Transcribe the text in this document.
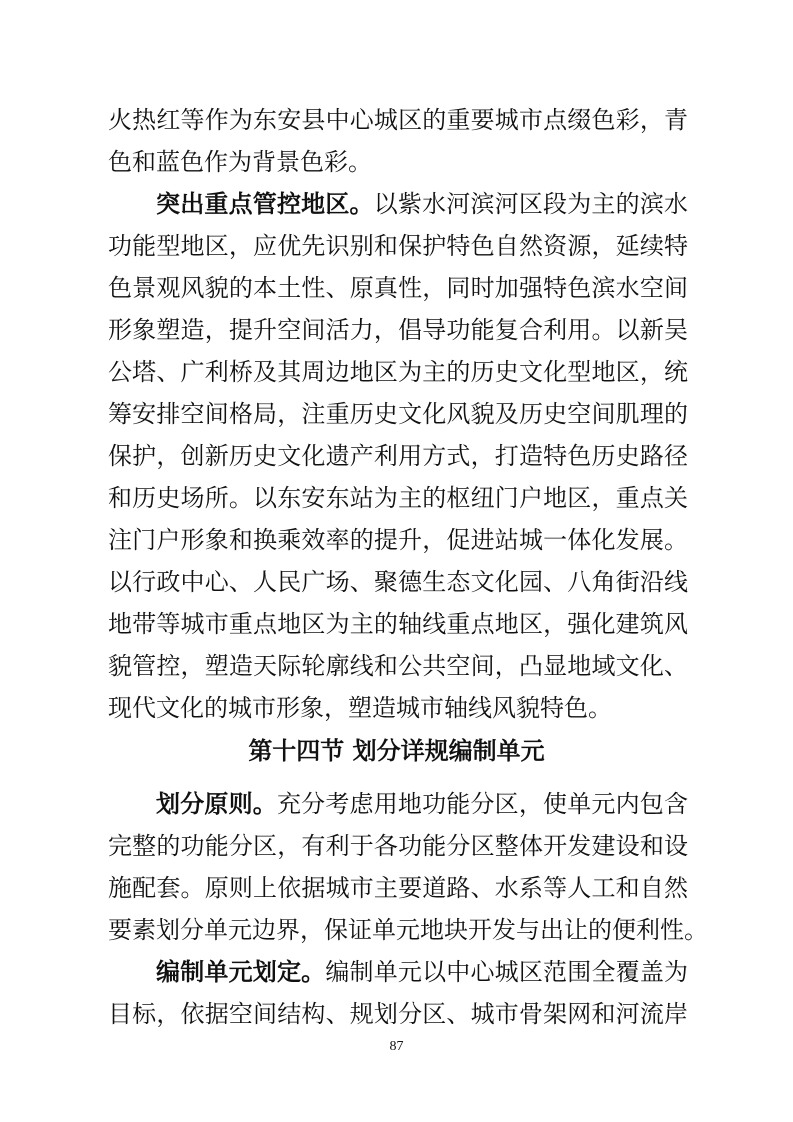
火热红等作为东安县中心城区的重要城市点缀色彩，青
色和蓝色作为背景色彩。
突出重点管控地区。以紫水河滨河区段为主的滨水
功能型地区，应优先识别和保护特色自然资源，延续特
色景观风貌的本土性、原真性，同时加强特色滨水空间
形象塑造，提升空间活力，倡导功能复合利用。以新吴
公塔、广利桥及其周边地区为主的历史文化型地区，统
筹安排空间格局，注重历史文化风貌及历史空间肌理的
保护，创新历史文化遗产利用方式，打造特色历史路径
和历史场所。以东安东站为主的枢纽门户地区，重点关
注门户形象和换乘效率的提升，促进站城一体化发展。
以行政中心、人民广场、聚德生态文化园、八角街沿线
地带等城市重点地区为主的轴线重点地区，强化建筑风
貌管控，塑造天际轮廓线和公共空间，凸显地域文化、
现代文化的城市形象，塑造城市轴线风貌特色。
第十四节 划分详规编制单元
划分原则。充分考虑用地功能分区，使单元内包含
完整的功能分区，有利于各功能分区整体开发建设和设
施配套。原则上依据城市主要道路、水系等人工和自然
要素划分单元边界，保证单元地块开发与出让的便利性。
编制单元划定。编制单元以中心城区范围全覆盖为
目标，依据空间结构、规划分区、城市骨架网和河流岸
87
